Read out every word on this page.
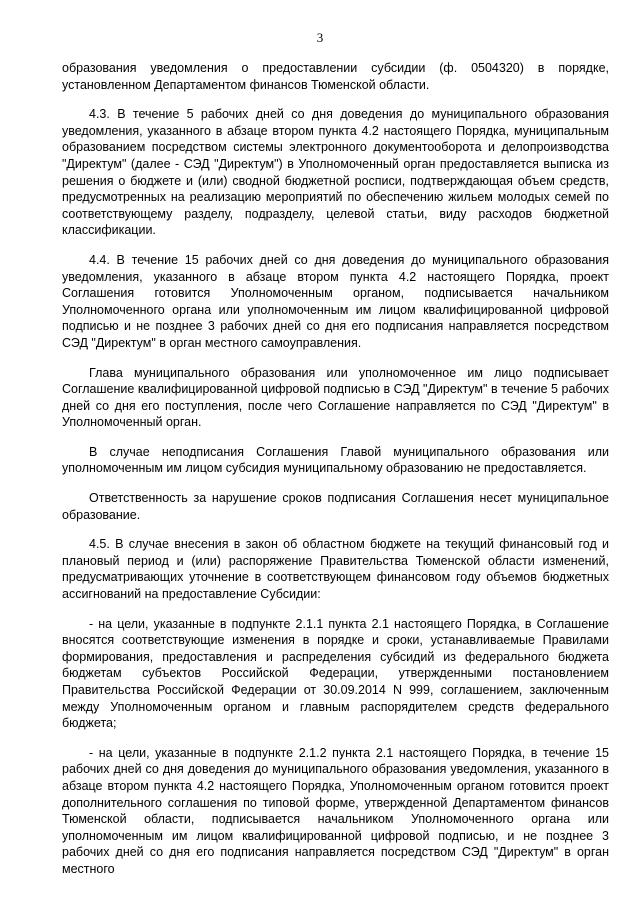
3

образования уведомления о предоставлении субсидии (ф. 0504320) в порядке, установленном Департаментом финансов Тюменской области.

4.3. В течение 5 рабочих дней со дня доведения до муниципального образования уведомления, указанного в абзаце втором пункта 4.2 настоящего Порядка, муниципальным образованием посредством системы электронного документооборота и делопроизводства "Директум" (далее - СЭД "Директум") в Уполномоченный орган предоставляется выписка из решения о бюджете и (или) сводной бюджетной росписи, подтверждающая объем средств, предусмотренных на реализацию мероприятий по обеспечению жильем молодых семей по соответствующему разделу, подразделу, целевой статьи, виду расходов бюджетной классификации.

4.4. В течение 15 рабочих дней со дня доведения до муниципального образования уведомления, указанного в абзаце втором пункта 4.2 настоящего Порядка, проект Соглашения готовится Уполномоченным органом, подписывается начальником Уполномоченного органа или уполномоченным им лицом квалифицированной цифровой подписью и не позднее 3 рабочих дней со дня его подписания направляется посредством СЭД "Директум" в орган местного самоуправления.

Глава муниципального образования или уполномоченное им лицо подписывает Соглашение квалифицированной цифровой подписью в СЭД "Директум" в течение 5 рабочих дней со дня его поступления, после чего Соглашение направляется по СЭД "Директум" в Уполномоченный орган.

В случае неподписания Соглашения Главой муниципального образования или уполномоченным им лицом субсидия муниципальному образованию не предоставляется.

Ответственность за нарушение сроков подписания Соглашения несет муниципальное образование.

4.5. В случае внесения в закон об областном бюджете на текущий финансовый год и плановый период и (или) распоряжение Правительства Тюменской области изменений, предусматривающих уточнение в соответствующем финансовом году объемов бюджетных ассигнований на предоставление Субсидии:

- на цели, указанные в подпункте 2.1.1 пункта 2.1 настоящего Порядка, в Соглашение вносятся соответствующие изменения в порядке и сроки, устанавливаемые Правилами формирования, предоставления и распределения субсидий из федерального бюджета бюджетам субъектов Российской Федерации, утвержденными постановлением Правительства Российской Федерации от 30.09.2014 N 999, соглашением, заключенным между Уполномоченным органом и главным распорядителем средств федерального бюджета;

- на цели, указанные в подпункте 2.1.2 пункта 2.1 настоящего Порядка, в течение 15 рабочих дней со дня доведения до муниципального образования уведомления, указанного в абзаце втором пункта 4.2 настоящего Порядка, Уполномоченным органом готовится проект дополнительного соглашения по типовой форме, утвержденной Департаментом финансов Тюменской области, подписывается начальником Уполномоченного органа или уполномоченным им лицом квалифицированной цифровой подписью, и не позднее 3 рабочих дней со дня его подписания направляется посредством СЭД "Директум" в орган местного
